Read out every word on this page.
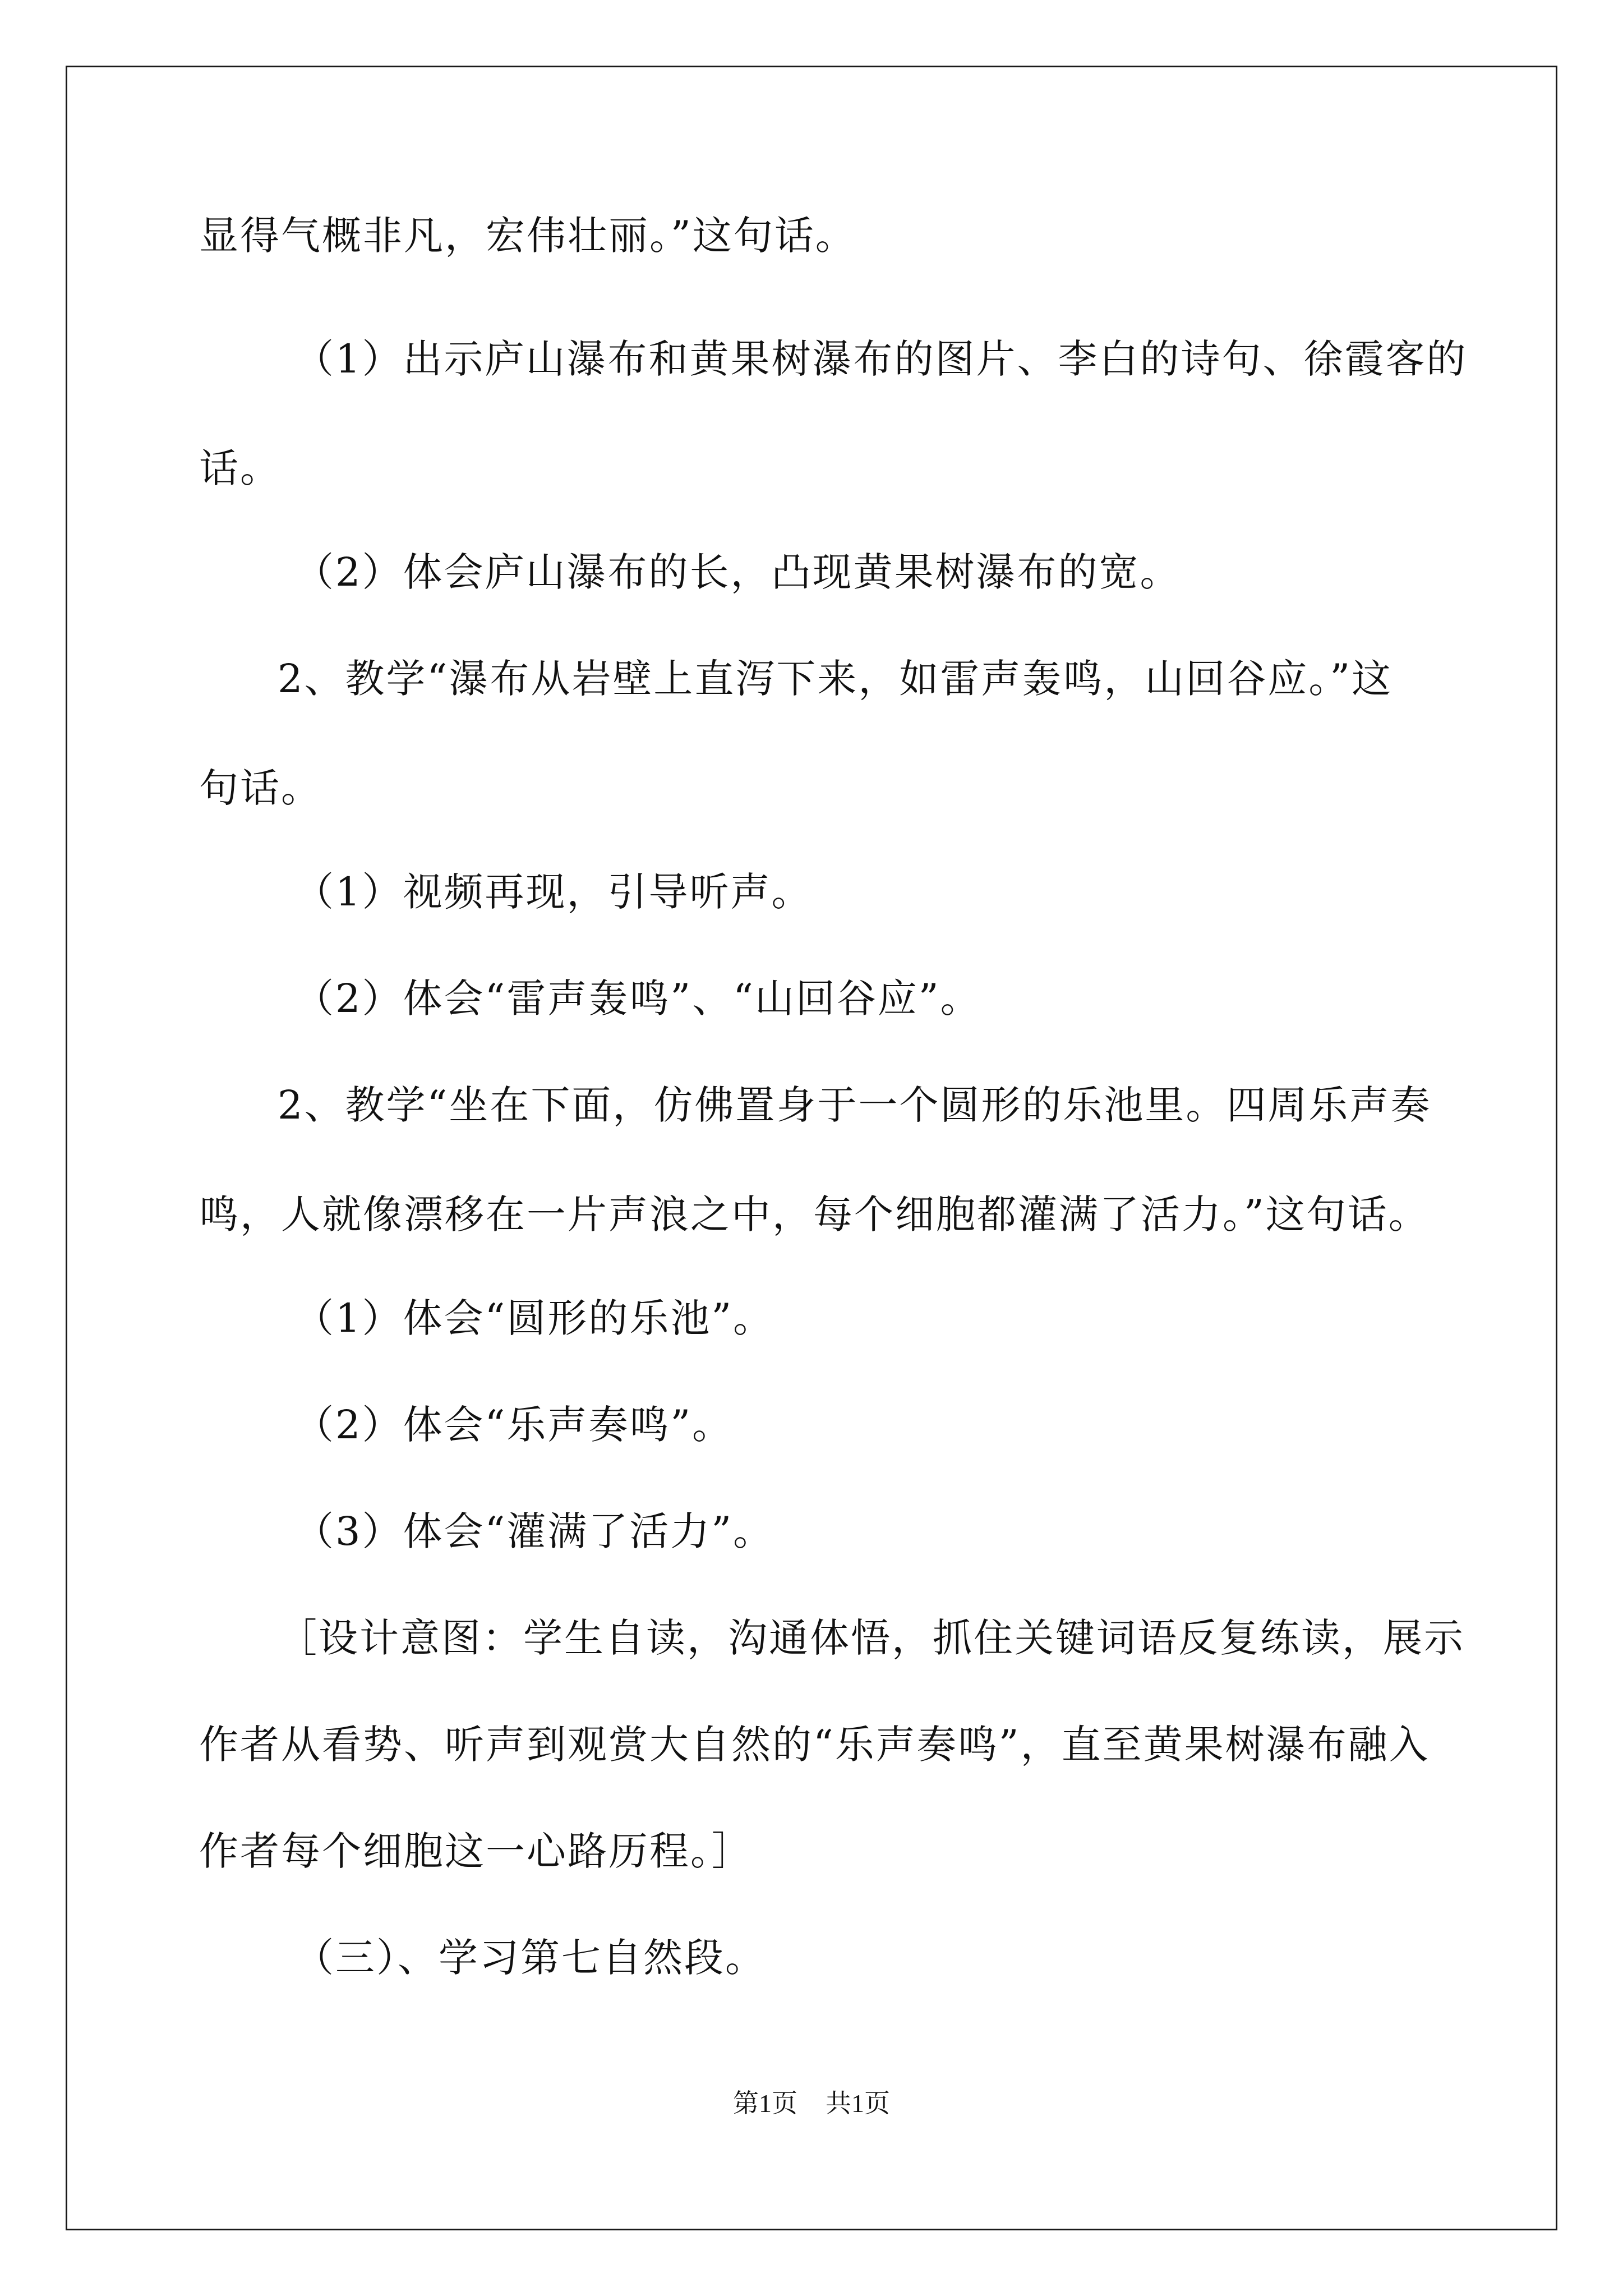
显得气概非凡，宏伟壮丽。”这句话。

（1）出示庐山瀑布和黄果树瀑布的图片、李白的诗句、徐霞客的

话。

（2）体会庐山瀑布的长，凸现黄果树瀑布的宽。

2、教学“瀑布从岩壁上直泻下来，如雷声轰鸣，山回谷应。”这

句话。

（1）视频再现，引导听声。

（2）体会“雷声轰鸣”、“山回谷应”。

2、教学“坐在下面，仿佛置身于一个圆形的乐池里。四周乐声奏

鸣，人就像漂移在一片声浪之中，每个细胞都灌满了活力。”这句话。

（1）体会“圆形的乐池”。

（2）体会“乐声奏鸣”。

（3）体会“灌满了活力”。

［设计意图：学生自读，沟通体悟，抓住关键词语反复练读，展示

作者从看势、听声到观赏大自然的“乐声奏鸣”，直至黄果树瀑布融入

作者每个细胞这一心路历程。］

（三）、学习第七自然段。

第1页 共1页
